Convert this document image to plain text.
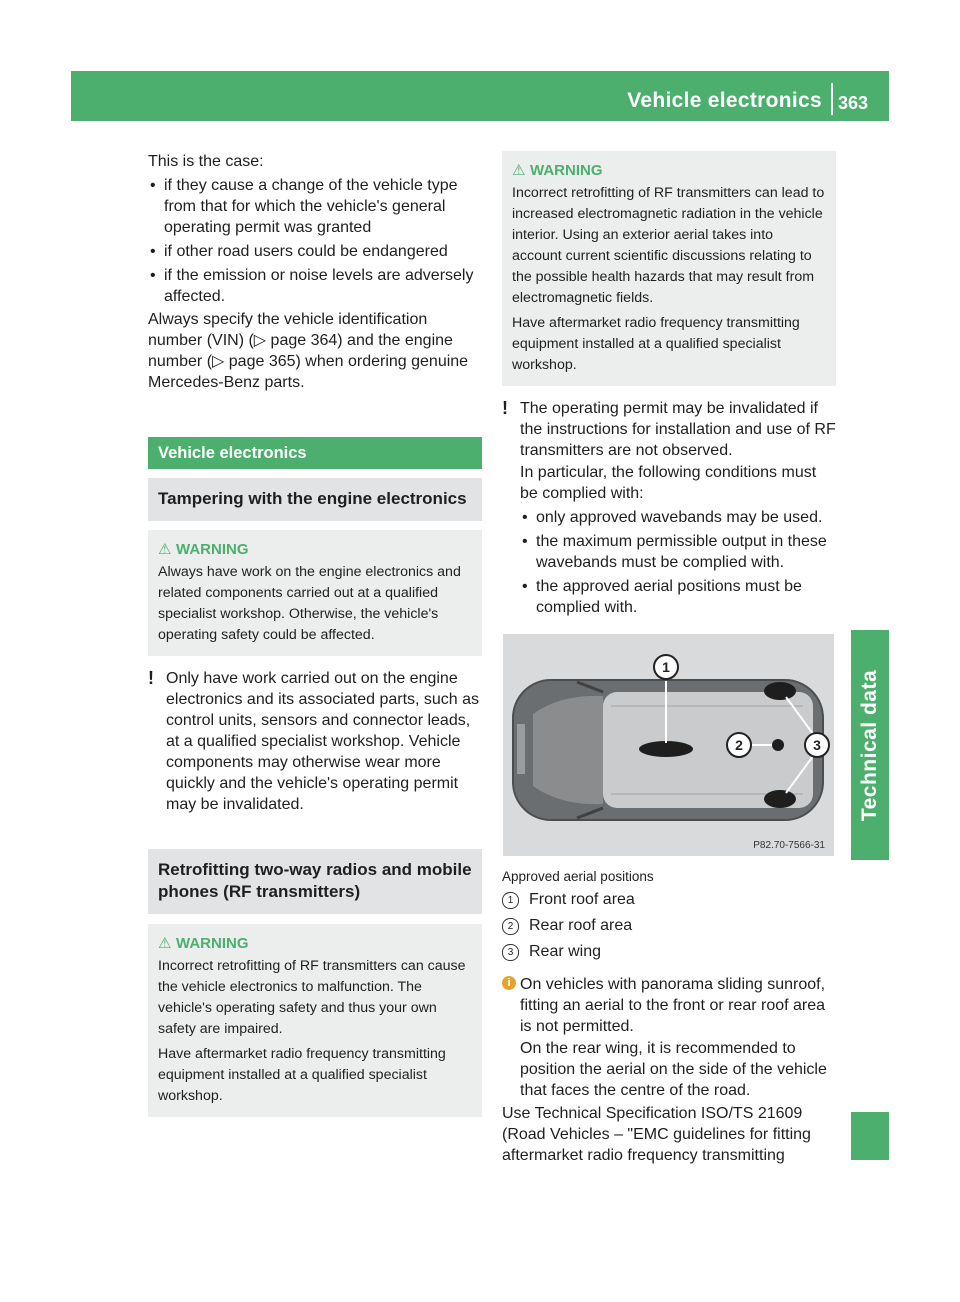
Vehicle electronics 363
Technical data

This is the case:

• if they cause a change of the vehicle type from that for which the vehicle's general operating permit was granted
• if other road users could be endangered
• if the emission or noise levels are adversely affected.

Always specify the vehicle identification number (VIN) (▷ page 364) and the engine number (▷ page 365) when ordering genuine Mercedes-Benz parts.

Vehicle electronics
Tampering with the engine electronics
⚠ WARNING

Always have work on the engine electronics and related components carried out at a qualified specialist workshop. Otherwise, the vehicle's operating safety could be affected.

! Only have work carried out on the engine electronics and its associated parts, such as control units, sensors and connector leads, at a qualified specialist workshop. Vehicle components may otherwise wear more quickly and the vehicle's operating permit may be invalidated.

Retrofitting two-way radios and mobile phones (RF transmitters)
⚠ WARNING

Incorrect retrofitting of RF transmitters can cause the vehicle electronics to malfunction. The vehicle's operating safety and thus your own safety are impaired.

Have aftermarket radio frequency transmitting equipment installed at a qualified specialist workshop.

⚠ WARNING

Incorrect retrofitting of RF transmitters can lead to increased electromagnetic radiation in the vehicle interior. Using an exterior aerial takes into account current scientific discussions relating to the possible health hazards that may result from electromagnetic fields.

Have aftermarket radio frequency transmitting equipment installed at a qualified specialist workshop.

! The operating permit may be invalidated if the instructions for installation and use of RF transmitters are not observed.

In particular, the following conditions must be complied with:

• only approved wavebands may be used.
• the maximum permissible output in these wavebands must be complied with.
• the approved aerial positions must be complied with.
1
2	3
P82.70-7566-31

Approved aerial positions

1 Front roof area
2 Rear roof area
3 Rear wing
i On vehicles with panorama sliding sunroof, fitting an aerial to the front or rear roof area is not permitted.

On the rear wing, it is recommended to position the aerial on the side of the vehicle that faces the centre of the road.

Use Technical Specification ISO/TS 21609 (Road Vehicles – "EMC guidelines for fitting aftermarket radio frequency transmitting
